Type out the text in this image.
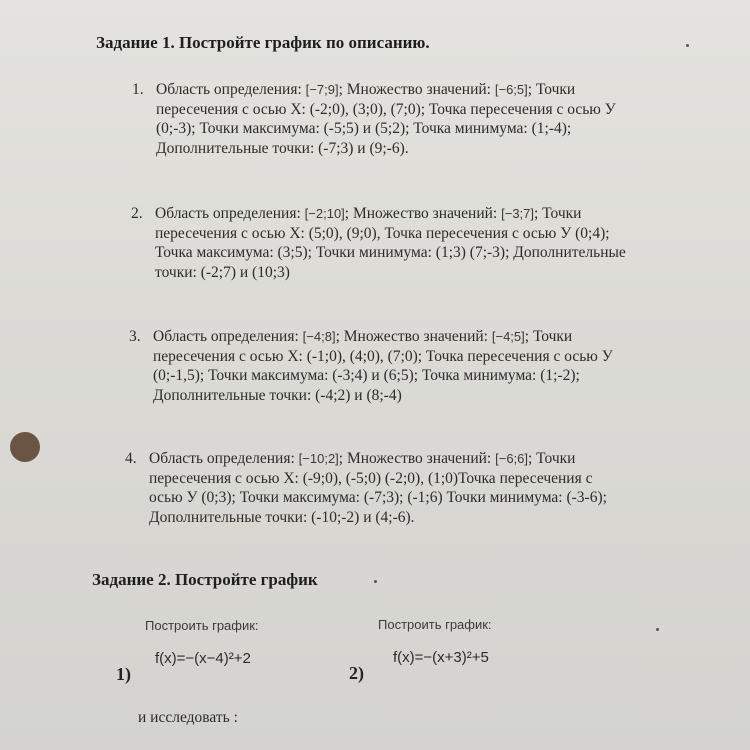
Задание 1. Постройте график по описанию.
1. Область определения: [−7;9]; Множество значений: [−6;5]; Точки
пересечения с осью X: (-2;0), (3;0), (7;0); Точка пересечения с осью У
(0;-3); Точки максимума: (-5;5) и (5;2); Точка минимума: (1;-4);
Дополнительные точки: (-7;3) и (9;-6).
2. Область определения: [−2;10]; Множество значений: [−3;7]; Точки
пересечения с осью X: (5;0), (9;0), Точка пересечения с осью У (0;4);
Точка максимума: (3;5); Точки минимума: (1;3) (7;-3); Дополнительные
точки: (-2;7) и (10;3)
3. Область определения: [−4;8]; Множество значений: [−4;5]; Точки
пересечения с осью X: (-1;0), (4;0), (7;0); Точка пересечения с осью У
(0;-1,5); Точки максимума: (-3;4) и (6;5); Точка минимума: (1;-2);
Дополнительные точки: (-4;2) и (8;-4)
4. Область определения: [−10;2]; Множество значений: [−6;6]; Точки
пересечения с осью X: (-9;0), (-5;0) (-2;0), (1;0)Точка пересечения с
осью У (0;3); Точки максимума: (-7;3); (-1;6) Точки минимума: (-3-6);
Дополнительные точки: (-10;-2) и (4;-6).
Задание 2. Постройте график
Построить график:
1)
f(x)=−(x−4)²+2
Построить график:
2)
f(x)=−(x+3)²+5
и исследовать :
